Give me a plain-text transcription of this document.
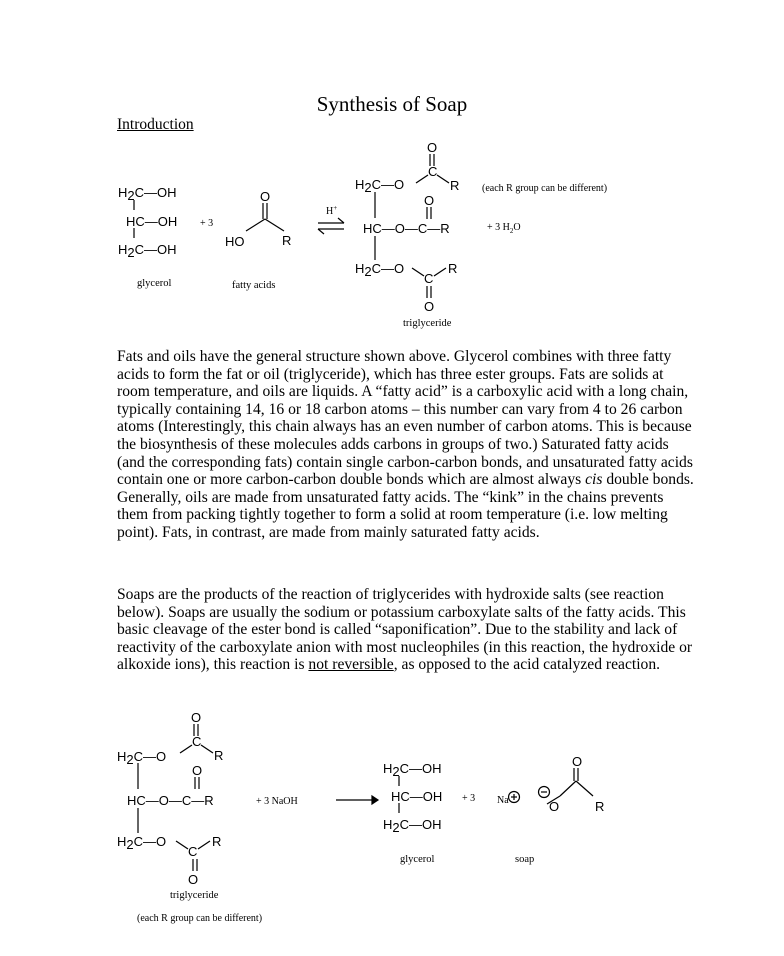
Synthesis of Soap
Introduction
H2C—OH
HC—OH
H2C—OH
glycerol
+ 3
O
HO	R
fatty acids
H+
O
C
H2C—O	R
O
HC—O—C—R
H2C—O
C
R
O
triglyceride
(each R group can be different)
+ 3 $H_2O$

Fats and oils have the general structure shown above. Glycerol combines with three fatty acids to form the fat or oil (triglyceride), which has three ester groups. Fats are solids at room temperature, and oils are liquids. A “fatty acid” is a carboxylic acid with a long chain, typically containing 14, 16 or 18 carbon atoms – this number can vary from 4 to 26 carbon atoms (Interestingly, this chain always has an even number of carbon atoms. This is because the biosynthesis of these molecules adds carbons in groups of two.) Saturated fatty acids (and the corresponding fats) contain single carbon-carbon bonds, and unsaturated fatty acids contain one or more carbon-carbon double bonds which are almost always cis double bonds. Generally, oils are made from unsaturated fatty acids. The “kink” in the chains prevents them from packing tightly together to form a solid at room temperature (i.e. low melting point). Fats, in contrast, are made from mainly saturated fatty acids.

Soaps are the products of the reaction of triglycerides with hydroxide salts (see reaction below). Soaps are usually the sodium or potassium carboxylate salts of the fatty acids. This basic cleavage of the ester bond is called “saponification”. Due to the stability and lack of reactivity of the carboxylate anion with most nucleophiles (in this reaction, the hydroxide or alkoxide ions), this reaction is not reversible, as opposed to the acid catalyzed reaction.

O
C
H2C—O	R
O
HC—O—C—R
H2C—O
C
R
O
triglyceride
(each R group can be different)
+ 3 NaOH
H2C—OH
HC—OH
H2C—OH
glycerol
+ 3 Na
O
O	R
soap
